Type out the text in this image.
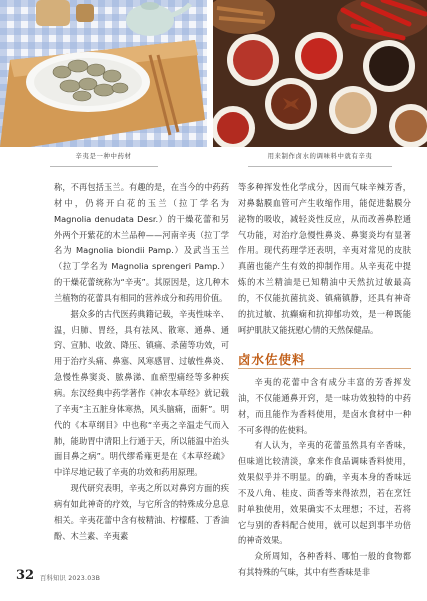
辛夷是一种中药材	用来制作卤水的调味料中就有辛夷

称，不再包括玉兰。有趣的是，在当今的中药药材中，仍将开白花的玉兰（拉丁学名为 Magnolia denudata Desr.）的干燥花蕾和另外两个开紫花的木兰品种——河南辛夷（拉丁学名为 Magnolia biondii Pamp.）及武当玉兰（拉丁学名为 Magnolia sprengeri Pamp.）的干燥花蕾统称为“辛夷”。其原因是，这几种木兰植物的花蕾具有相同的营养成分和药用价值。

据众多的古代医药典籍记载，辛夷性味辛、温，归肺、胃经，具有祛风、散寒、通鼻、通窍、宣肺、收敛、降压、镇痛、杀菌等功效，可用于治疗头痛、鼻塞、风寒感冒、过敏性鼻炎、急慢性鼻窦炎、脓鼻涕、血瘀型痛经等多种疾病。东汉经典中药学著作《神农本草经》就记载了辛夷“主五脏身体寒热，风头脑痛，面鼾”。明代的《本草纲目》中也称“辛夷之辛温走气而入肺，能助胃中清阳上行通于天，所以能温中治头面目鼻之病”。明代缪希雍更是在《本草经疏》中详尽地记载了辛夷的功效和药用原理。

现代研究表明，辛夷之所以对鼻窍方面的疾病有如此神奇的疗效，与它所含的特殊成分息息相关。辛夷花蕾中含有桉精油、柠檬醛、丁香油酚、木兰素、辛夷素

等多种挥发性化学成分，因而气味辛辣芳香，对鼻黏膜血管可产生收缩作用，能促进黏膜分泌物的吸收，减轻炎性反应，从而改善鼻腔通气功能，对治疗急慢性鼻炎、鼻窦炎均有显著作用。现代药理学还表明，辛夷对常见的皮肤真菌也能产生有效的抑制作用。从辛夷花中提炼的木兰精油是已知精油中天然抗过敏最高的，不仅能抗菌抗炎、镇痛镇静，还具有神奇的抗过敏、抗癫痫和抗抑郁功效，是一种既能呵护肌肤又能抚慰心情的天然保健品。

卤水佐使料

辛夷的花蕾中含有成分丰富的芳香挥发油，不仅能通鼻开窍，是一味功效独特的中药材，而且能作为香料使用，是卤水食材中一种不可多得的佐使料。

有人认为，辛夷的花蕾虽然具有辛香味，但味道比较清淡，拿来作食品调味香料使用，效果似乎并不明显。的确，辛夷本身的香味远不及八角、桂皮、茴香等来得浓烈，若在烹饪时单独使用，效果确实不太理想；不过，若将它与别的香料配合使用，就可以起到事半功倍的神奇效果。

众所周知，各种香料、哪怕一般的食物都有其特殊的气味，其中有些香味是非

32 百科知识 2023.03B
